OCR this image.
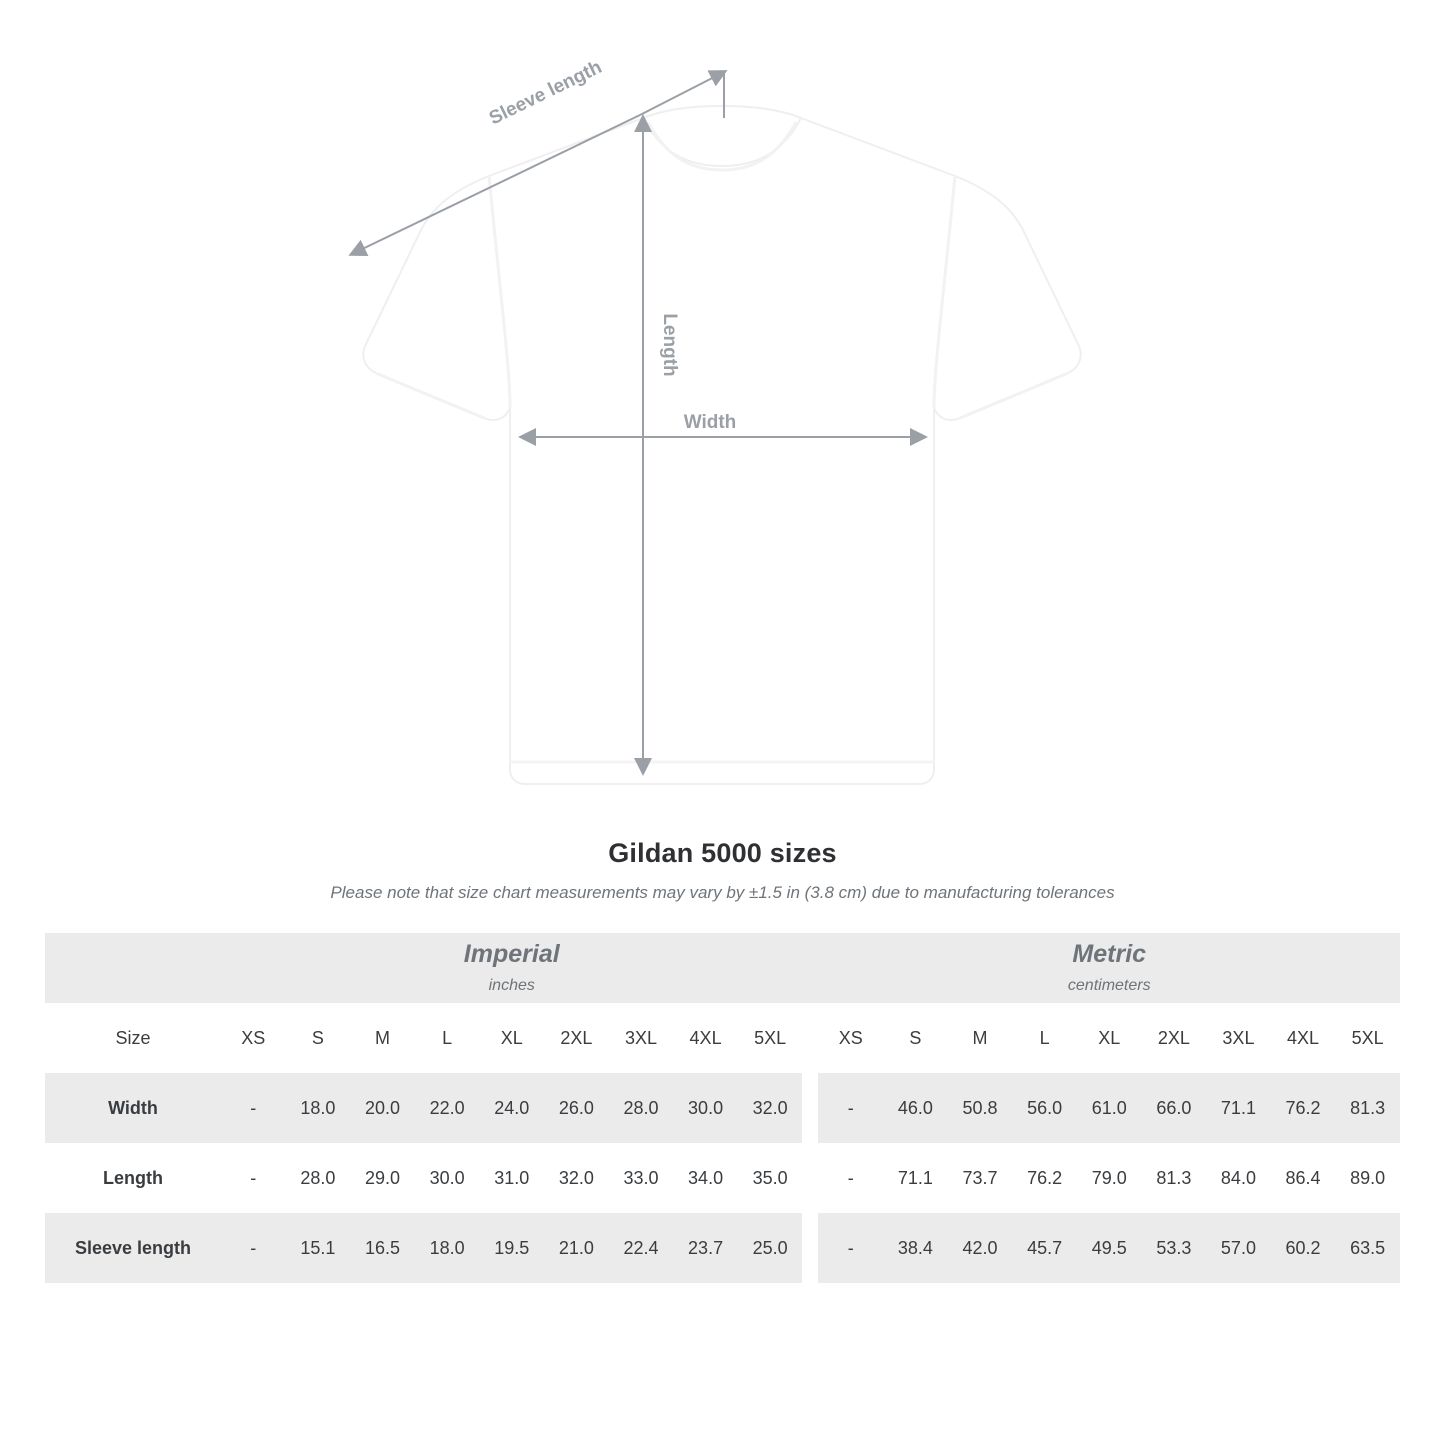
Sleeve length
Length
Width
Gildan 5000 sizes
Please note that size chart measurements may vary by ±1.5 in (3.8 cm) due to manufacturing tolerances

Imperial
inches

Metric
centimeters

Size	XS	S	M	L	XL	2XL	3XL	4XL	5XL		XS	S	M	L	XL	2XL	3XL	4XL	5XL
Width	-	18.0	20.0	22.0	24.0	26.0	28.0	30.0	32.0		-	46.0	50.8	56.0	61.0	66.0	71.1	76.2	81.3
Length	-	28.0	29.0	30.0	31.0	32.0	33.0	34.0	35.0		-	71.1	73.7	76.2	79.0	81.3	84.0	86.4	89.0
Sleeve length	-	15.1	16.5	18.0	19.5	21.0	22.4	23.7	25.0		-	38.4	42.0	45.7	49.5	53.3	57.0	60.2	63.5
